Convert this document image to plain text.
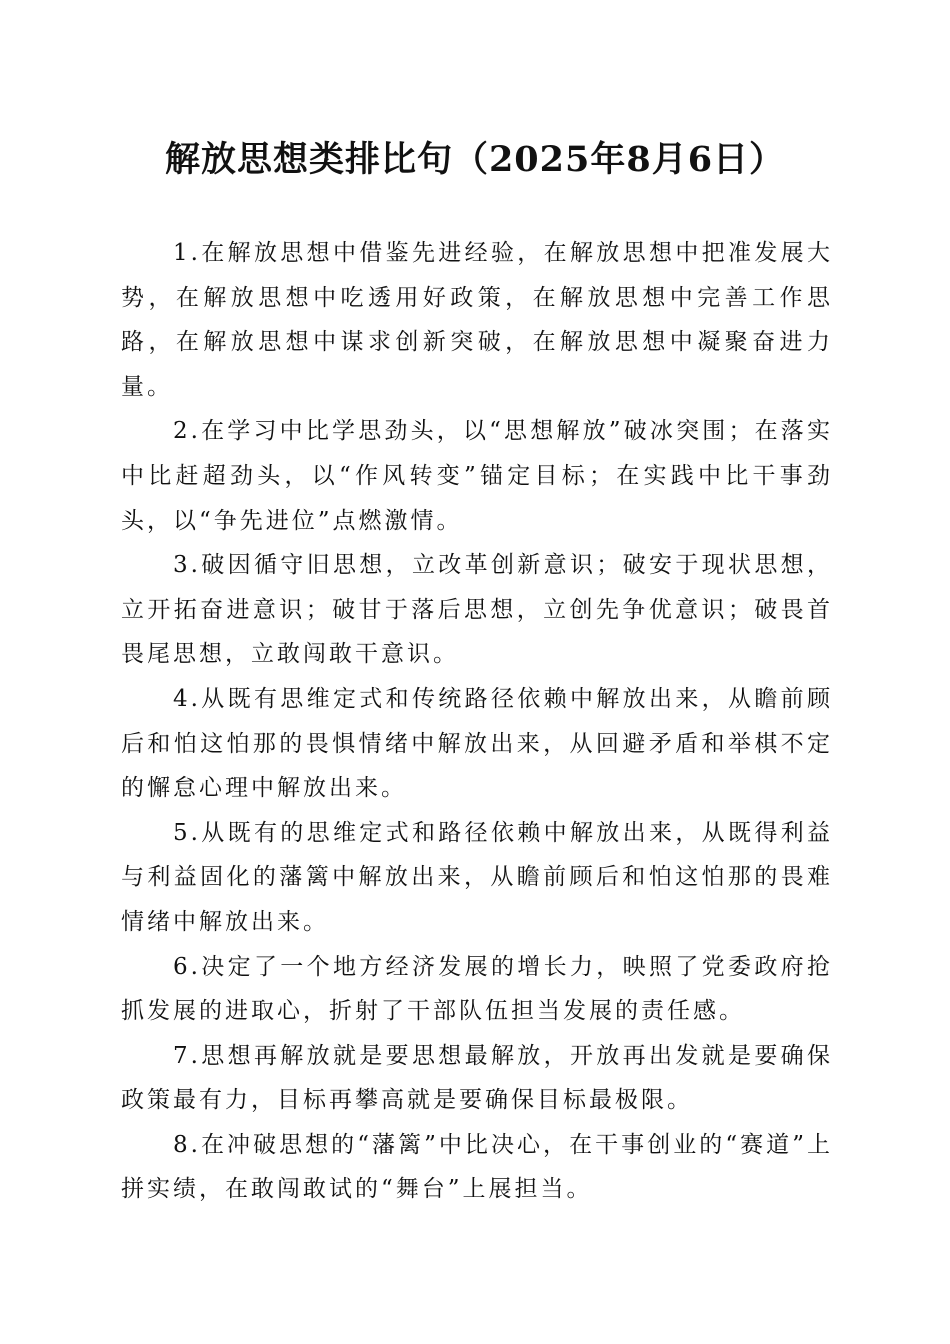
解放思想类排比句（2025年8月6日）

1.在解放思想中借鉴先进经验，在解放思想中把准发展大势，在解放思想中吃透用好政策，在解放思想中完善工作思路，在解放思想中谋求创新突破，在解放思想中凝聚奋进力量。

2.在学习中比学思劲头，以“思想解放”破冰突围；在落实中比赶超劲头，以“作风转变”锚定目标；在实践中比干事劲头，以“争先进位”点燃激情。

3.破因循守旧思想，立改革创新意识；破安于现状思想，立开拓奋进意识；破甘于落后思想，立创先争优意识；破畏首畏尾思想，立敢闯敢干意识。

4.从既有思维定式和传统路径依赖中解放出来，从瞻前顾后和怕这怕那的畏惧情绪中解放出来，从回避矛盾和举棋不定的懈怠心理中解放出来。

5.从既有的思维定式和路径依赖中解放出来，从既得利益与利益固化的藩篱中解放出来，从瞻前顾后和怕这怕那的畏难情绪中解放出来。

6.决定了一个地方经济发展的增长力，映照了党委政府抢抓发展的进取心，折射了干部队伍担当发展的责任感。

7.思想再解放就是要思想最解放，开放再出发就是要确保政策最有力，目标再攀高就是要确保目标最极限。

8.在冲破思想的“藩篱”中比决心，在干事创业的“赛道”上拼实绩，在敢闯敢试的“舞台”上展担当。
